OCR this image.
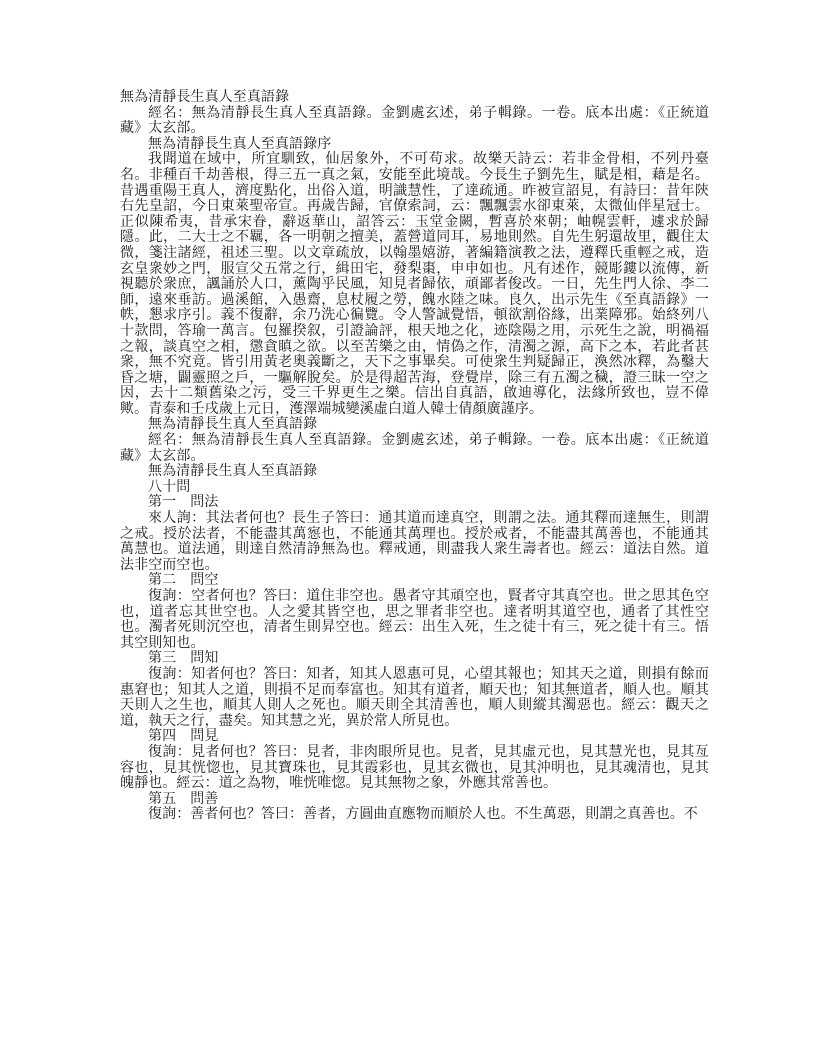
無為清靜長生真人至真語錄

經名：無為清靜長生真人至真語錄。金劉處玄述，弟子輯錄。一卷。底本出處：《正統道藏》太玄部。

無為清靜長生真人至真語錄序

我聞道在域中，所宜馴致，仙居象外，不可苟求。故樂天詩云：若非金骨相，不列丹臺名。非種百千劫善根，得三五一真之氣，安能至此境哉。今長生子劉先生，賦是相，藉是名。昔遇重陽王真人，濟度點化，出俗入道，明識慧性，了達疏通。昨被宣詔見，有詩曰：昔年陝右先皇詔，今日東萊聖帝宣。再歲告歸，官僚索詞，云：飄飄雲水卻東萊，太微仙伴星冠士。正似陳希夷，昔承宋眷，辭返華山，詔答云：玉堂金闕，暫喜於來朝；岫幌雲軒，遽求於歸隱。此，二大士之不羈，各一明朝之擅美，蓋營道同耳，易地則然。自先生躬還故里，觀住太微，箋注諸經，祖述三聖。以文章疏放，以翰墨嬉游，著編籍演教之法，遵釋氏重輕之戒，造玄皇衆妙之門，服宣父五常之行，緝田宅，發梨棗，申申如也。凡有述作，競彫鏤以流傳，新視聽於衆庶，諷誦於人口，薰陶乎民風，知見者歸依，頑鄙者俊改。一日，先生門人徐、李二師，遠來垂訪。過溪館，入愚齋，息杖履之勞，餽水陸之味。良久，出示先生《至真語錄》一帙，懇求序引。義不復辭，余乃洗心徧覽。令人警誠覺悟，頓欲割俗緣，出業障邪。始終列八十款問，答瑜一萬言。包羅揆叙，引證論評，根天地之化，迹陰陽之用，示死生之說，明禍福之報，談真空之相，懲貪瞋之欲。以至苦樂之由，情偽之作，清濁之源，高下之本，若此者甚衆，無不究竟。皆引用黃老奧義斷之，天下之事畢矣。可使衆生判疑歸正，渙然冰釋，為鑿大昏之塘，闢靈照之戶，一驅解脫矣。於是得超苦海，登覺岸，除三有五濁之穢，證三昧一空之因，去十二類舊染之污，受三千界更生之樂。信出自真語，啟迪導化，法緣所致也，豈不偉歟。青泰和壬戌歲上元日，濩澤端城變溪虛白道人韓士倩顏廣謹序。

無為清靜長生真人至真語錄

經名：無為清靜長生真人至真語錄。金劉處玄述，弟子輯錄。一卷。底本出處：《正統道藏》太玄部。

無為清靜長生真人至真語錄

八十問

第一　問法

來人詢：其法者何也？長生子答曰：通其道而達真空，則謂之法。通其釋而達無生，則謂之戒。授於法者，不能盡其萬惌也，不能通其萬理也。授於戒者，不能盡其萬善也，不能通其萬慧也。道法通，則達自然清諍無為也。釋戒通，則盡我人衆生壽者也。經云：道法自然。道法非空而空也。

第二　問空

復詢：空者何也？答曰：道住非空也。愚者守其頑空也，賢者守其真空也。世之思其色空也，道者忘其世空也。人之愛其皆空也，思之罪者非空也。達者明其道空也，通者了其性空也。濁者死則沉空也，清者生則昇空也。經云：出生入死，生之徒十有三，死之徒十有三。悟其空則知也。

第三　問知

復詢：知者何也？答曰：知者，知其人恩惠可見，心望其報也；知其天之道，則損有餘而惠窘也；知其人之道，則損不足而奉富也。知其有道者，順天也；知其無道者，順人也。順其天則人之生也，順其人則人之死也。順天則全其清善也，順人則縱其濁惡也。經云：觀天之道，執天之行，盡矣。知其慧之光，異於常人所見也。

第四　問見

復詢：見者何也？答曰：見者，非肉眼所見也。見者，見其虛元也，見其慧光也，見其亙容也，見其恍惚也，見其寶珠也，見其霞彩也，見其玄微也，見其沖明也，見其魂清也，見其魄靜也。經云：道之為物，唯恍唯惚。見其無物之象，外應其常善也。

第五　問善

復詢：善者何也？答曰：善者，方圓曲直應物而順於人也。不生萬惡，則謂之真善也。不
